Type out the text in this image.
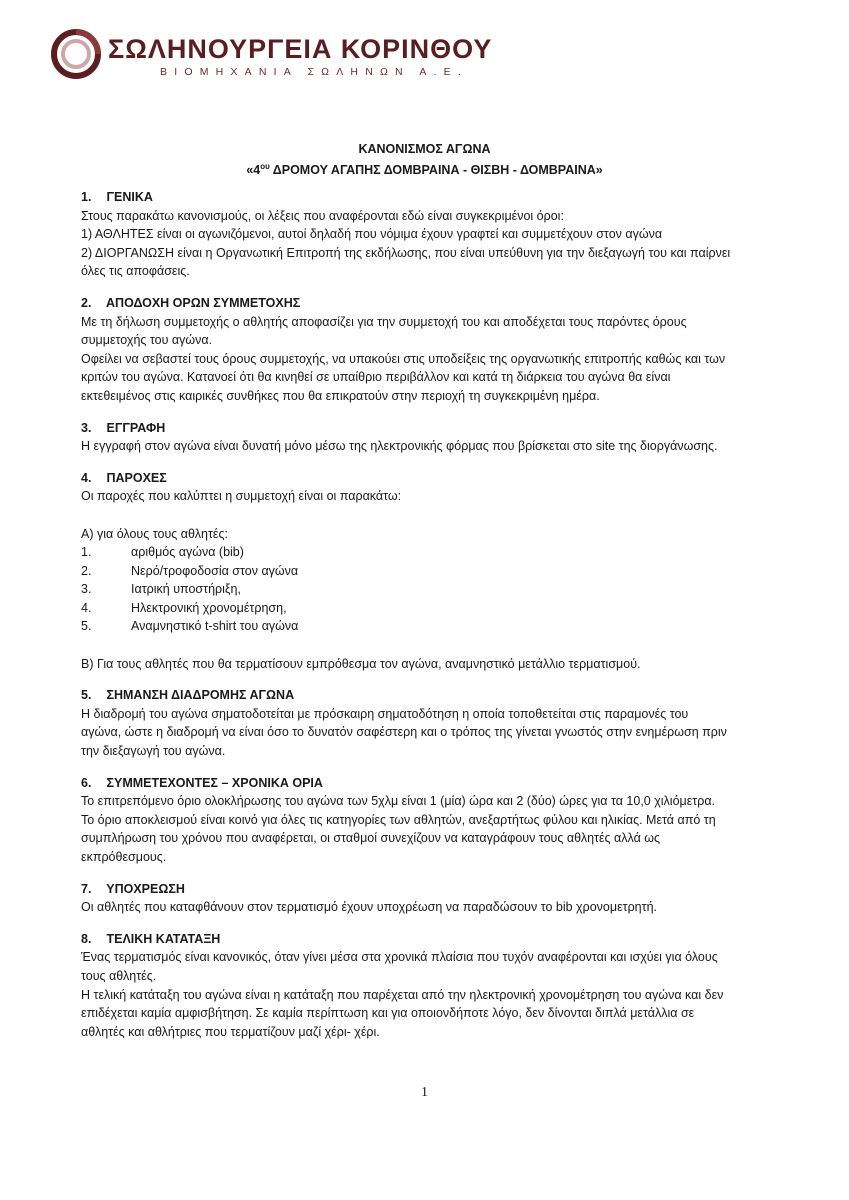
ΣΩΛΗΝΟΥΡΓΕΙΑ ΚΟΡΙΝΘΟΥ
ΒΙΟΜΗΧΑΝΙΑ ΣΩΛΗΝΩΝ Α.Ε.
ΚΑΝΟΝΙΣΜΟΣ ΑΓΩΝΑ
«$4^{o\upsilon}$ ΔΡΟΜΟΥ ΑΓΑΠΗΣ ΔΟΜΒΡΑΙΝΑ - ΘΙΣΒΗ - ΔΟΜΒΡΑΙΝΑ»

1. ΓΕΝΙΚΑ

Στους παρακάτω κανονισμούς, οι λέξεις που αναφέρονται εδώ είναι συγκεκριμένοι όροι:

1) ΑΘΛΗΤΕΣ είναι οι αγωνιζόμενοι, αυτοί δηλαδή που νόμιμα έχουν γραφτεί και συμμετέχουν στον αγώνα

2) ΔΙΟΡΓΑΝΩΣΗ είναι η Οργανωτική Επιτροπή της εκδήλωσης, που είναι υπεύθυνη για την διεξαγωγή του και παίρνει όλες τις αποφάσεις.

2. ΑΠΟΔΟΧΗ ΟΡΩΝ ΣΥΜΜΕΤΟΧΗΣ

Με τη δήλωση συμμετοχής ο αθλητής αποφασίζει για την συμμετοχή του και αποδέχεται τους παρόντες όρους συμμετοχής του αγώνα.

Οφείλει να σεβαστεί τους όρους συμμετοχής, να υπακούει στις υποδείξεις της οργανωτικής επιτροπής καθώς και των κριτών του αγώνα. Κατανοεί ότι θα κινηθεί σε υπαίθριο περιβάλλον και κατά τη διάρκεια του αγώνα θα είναι εκτεθειμένος στις καιρικές συνθήκες που θα επικρατούν στην περιοχή τη συγκεκριμένη ημέρα.

3. ΕΓΓΡΑΦΗ

Η εγγραφή στον αγώνα είναι δυνατή μόνο μέσω της ηλεκτρονικής φόρμας που βρίσκεται στο site της διοργάνωσης.

4. ΠΑΡΟΧΕΣ

Οι παροχές που καλύπτει η συμμετοχή είναι οι παρακάτω:

Α) για όλους τους αθλητές:

1.	αριθμός αγώνα (bib)
2.	Νερό/τροφοδοσία στον αγώνα
3.	Ιατρική υποστήριξη,
4.	Ηλεκτρονική χρονομέτρηση,
5.	Αναμνηστικό t-shirt του αγώνα

Β) Για τους αθλητές που θα τερματίσουν εμπρόθεσμα τον αγώνα, αναμνηστικό μετάλλιο τερματισμού.

5. ΣΗΜΑΝΣΗ ΔΙΑΔΡΟΜΗΣ ΑΓΩΝΑ

Η διαδρομή του αγώνα σηματοδοτείται με πρόσκαιρη σηματοδότηση η οποία τοποθετείται στις παραμονές του αγώνα, ώστε η διαδρομή να είναι όσο το δυνατόν σαφέστερη και ο τρόπος της γίνεται γνωστός στην ενημέρωση πριν την διεξαγωγή του αγώνα.

6. ΣΥΜΜΕΤΕΧΟΝΤΕΣ – ΧΡΟΝΙΚΑ ΟΡΙΑ

Το επιτρεπόμενο όριο ολοκλήρωσης του αγώνα των 5χλμ είναι 1 (μία) ώρα και 2 (δύο) ώρες για τα 10,0 χιλιόμετρα.

Το όριο αποκλεισμού είναι κοινό για όλες τις κατηγορίες των αθλητών, ανεξαρτήτως φύλου και ηλικίας. Μετά από τη συμπλήρωση του χρόνου που αναφέρεται, οι σταθμοί συνεχίζουν να καταγράφουν τους αθλητές αλλά ως εκπρόθεσμους.

7. ΥΠΟΧΡΕΩΣΗ

Οι αθλητές που καταφθάνουν στον τερματισμό έχουν υποχρέωση να παραδώσουν το bib χρονομετρητή.

8. ΤΕΛΙΚΗ ΚΑΤΑΤΑΞΗ

Ένας τερματισμός είναι κανονικός, όταν γίνει μέσα στα χρονικά πλαίσια που τυχόν αναφέρονται και ισχύει για όλους τους αθλητές.

Η τελική κατάταξη του αγώνα είναι η κατάταξη που παρέχεται από την ηλεκτρονική χρονομέτρηση του αγώνα και δεν επιδέχεται καμία αμφισβήτηση. Σε καμία περίπτωση και για οποιονδήποτε λόγο, δεν δίνονται διπλά μετάλλια σε αθλητές και αθλήτριες που τερματίζουν μαζί χέρι- χέρι.

1
